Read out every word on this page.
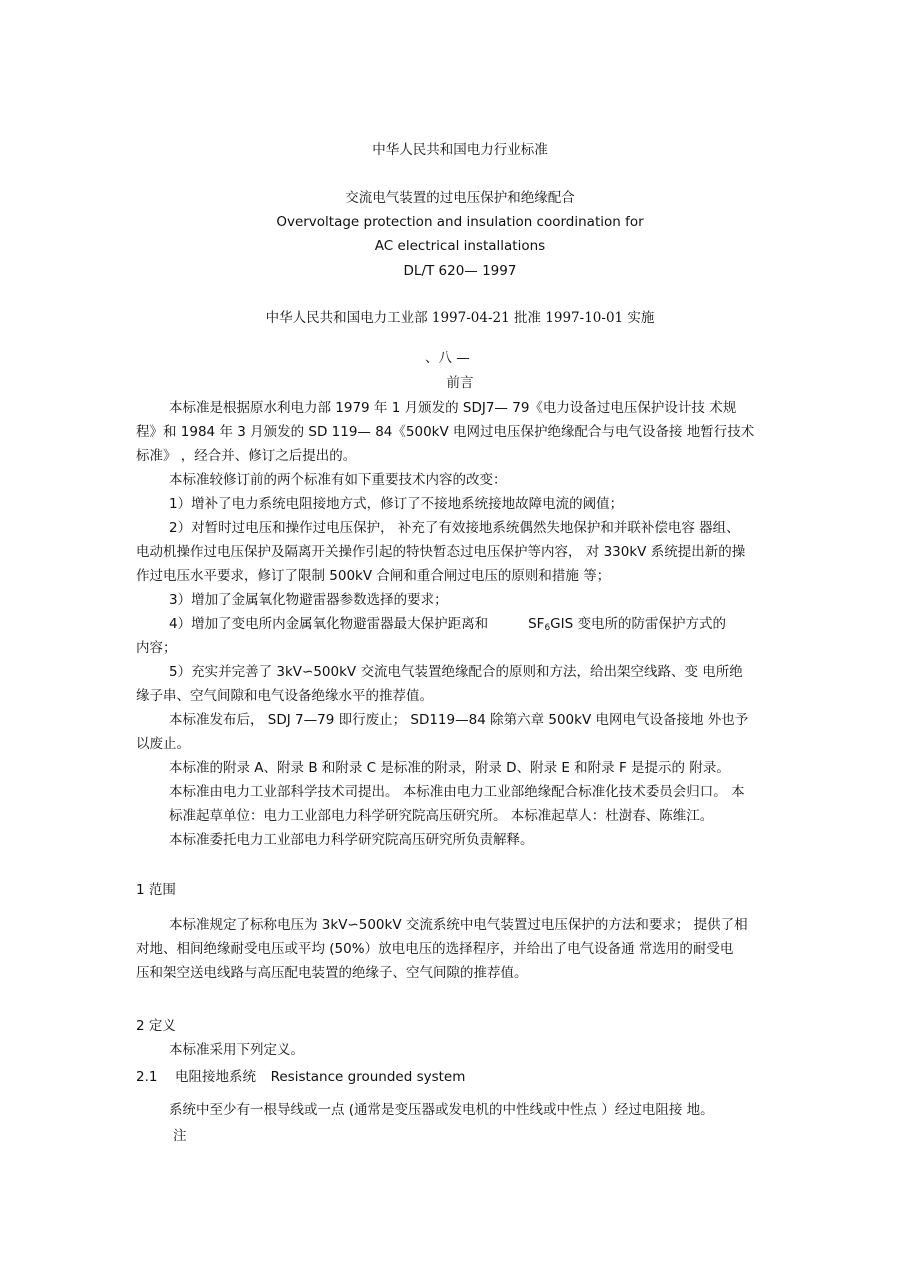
中华人民共和国电力行业标准
交流电气装置的过电压保护和绝缘配合
Overvoltage protection and insulation coordination for
AC electrical installations
DL/T 620— 1997
中华人民共和国电力工业部 1997-04-21 批准 1997-10-01 实施
、八 —
前言
本标准是根据原水利电力部 1979 年 1 月颁发的 SDJ7— 79《电力设备过电压保护设计技 术规
程》和 1984 年 3 月颁发的 SD 119— 84《500kV 电网过电压保护绝缘配合与电气设备接 地暂行技术
标准》 ，经合并、修订之后提出的。
本标准较修订前的两个标准有如下重要技术内容的改变：
1）增补了电力系统电阻接地方式，修订了不接地系统接地故障电流的阈值；
2）对暂时过电压和操作过电压保护， 补充了有效接地系统偶然失地保护和并联补偿电容 器组、
电动机操作过电压保护及隔离开关操作引起的特快暂态过电压保护等内容， 对 330kV 系统提出新的操
作过电压水平要求，修订了限制 500kV 合闸和重合闸过电压的原则和措施 等；
3）增加了金属氧化物避雷器参数选择的要求；
4）增加了变电所内金属氧化物避雷器最大保护距离和	$SF_6GIS$ 变电所的防雷保护方式的
内容；
5）充实并完善了 3kV∽500kV 交流电气装置绝缘配合的原则和方法，给出架空线路、变 电所绝
缘子串、空气间隙和电气设备绝缘水平的推荐值。
本标准发布后， SDJ 7—79 即行废止； SD119—84 除第六章 500kV 电网电气设备接地 外也予
以废止。
本标准的附录 A、附录 B 和附录 C 是标准的附录，附录 D、附录 E 和附录 F 是提示的 附录。
本标准由电力工业部科学技术司提出。 本标准由电力工业部绝缘配合标准化技术委员会归口。 本
标准起草单位：电力工业部电力科学研究院高压研究所。 本标准起草人：杜澍春、陈维江。
本标准委托电力工业部电力科学研究院高压研究所负责解释。
1 范围
本标准规定了标称电压为 3kV∽500kV 交流系统中电气装置过电压保护的方法和要求； 提供了相
对地、相间绝缘耐受电压或平均 (50%）放电电压的选择程序，并给出了电气设备通 常选用的耐受电
压和架空送电线路与高压配电装置的绝缘子、空气间隙的推荐值。
2 定义
本标准采用下列定义。
2.1 电阻接地系统 Resistance grounded system
系统中至少有一根导线或一点 (通常是变压器或发电机的中性线或中性点 ）经过电阻接 地。
注
